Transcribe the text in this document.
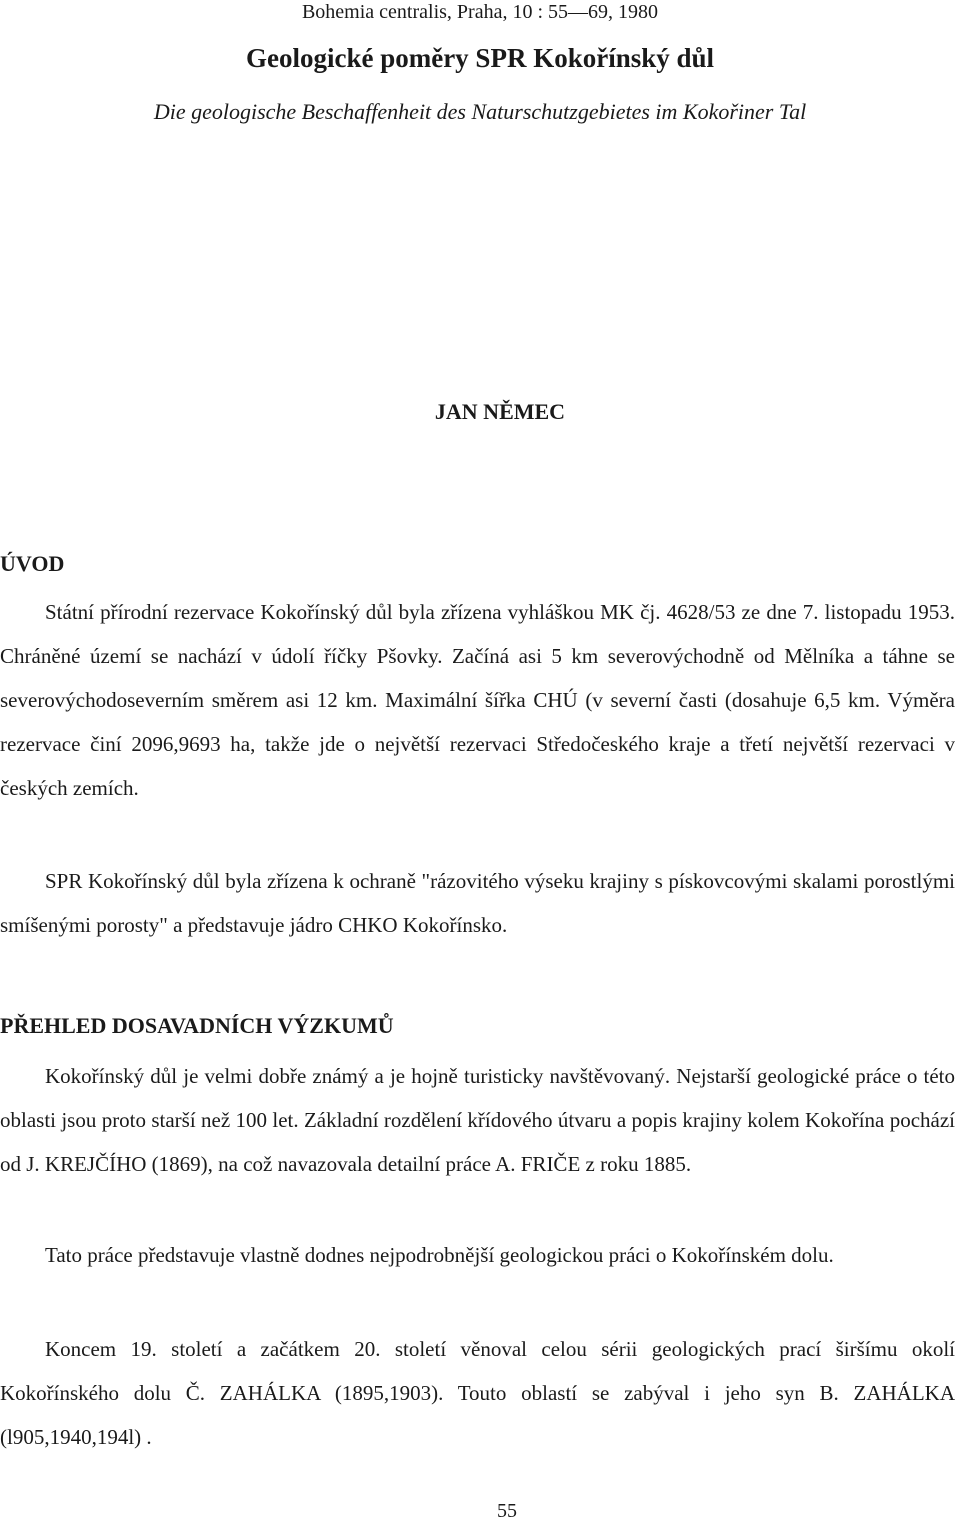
Bohemia centralis, Praha, 10 : 55—69, 1980
Geologické poměry SPR Kokořínský důl
Die geologische Beschaffenheit des Naturschutzgebietes im Kokořiner Tal
JAN NĚMEC
ÚVOD

Státní přírodní rezervace Kokořínský důl byla zřízena vyhláškou MK čj. 4628/53 ze dne 7. listopadu 1953. Chráněné území se nachází v údolí říčky Pšovky. Začíná asi 5 km severovýchodně od Mělníka a táhne se severovýchodoseverním směrem asi 12 km. Maximální šířka CHÚ (v severní časti (dosahuje 6,5 km. Výměra rezervace činí 2096,9693 ha, takže jde o největší rezervaci Středočeského kraje a třetí největší rezervaci v českých zemích.

SPR Kokořínský důl byla zřízena k ochraně "rázovitého výseku krajiny s pískovcovými skalami porostlými smíšenými porosty" a představuje jádro CHKO Kokořínsko.

PŘEHLED DOSAVADNÍCH VÝZKUMŮ

Kokořínský důl je velmi dobře známý a je hojně turisticky navštěvovaný. Nejstarší geologické práce o této oblasti jsou proto starší než 100 let. Základní rozdělení křídového útvaru a popis krajiny kolem Kokořína pochází od J. KREJČÍHO (1869), na což navazovala detailní práce A. FRIČE z roku 1885.

Tato práce představuje vlastně dodnes nejpodrobnější geologickou práci o Kokořínském dolu.

Koncem 19. století a začátkem 20. století věnoval celou sérii geologických prací širšímu okolí Kokořínského dolu Č. ZAHÁLKA (1895,1903). Touto oblastí se zabýval i jeho syn B. ZAHÁLKA (l905,1940,194l) .

55
